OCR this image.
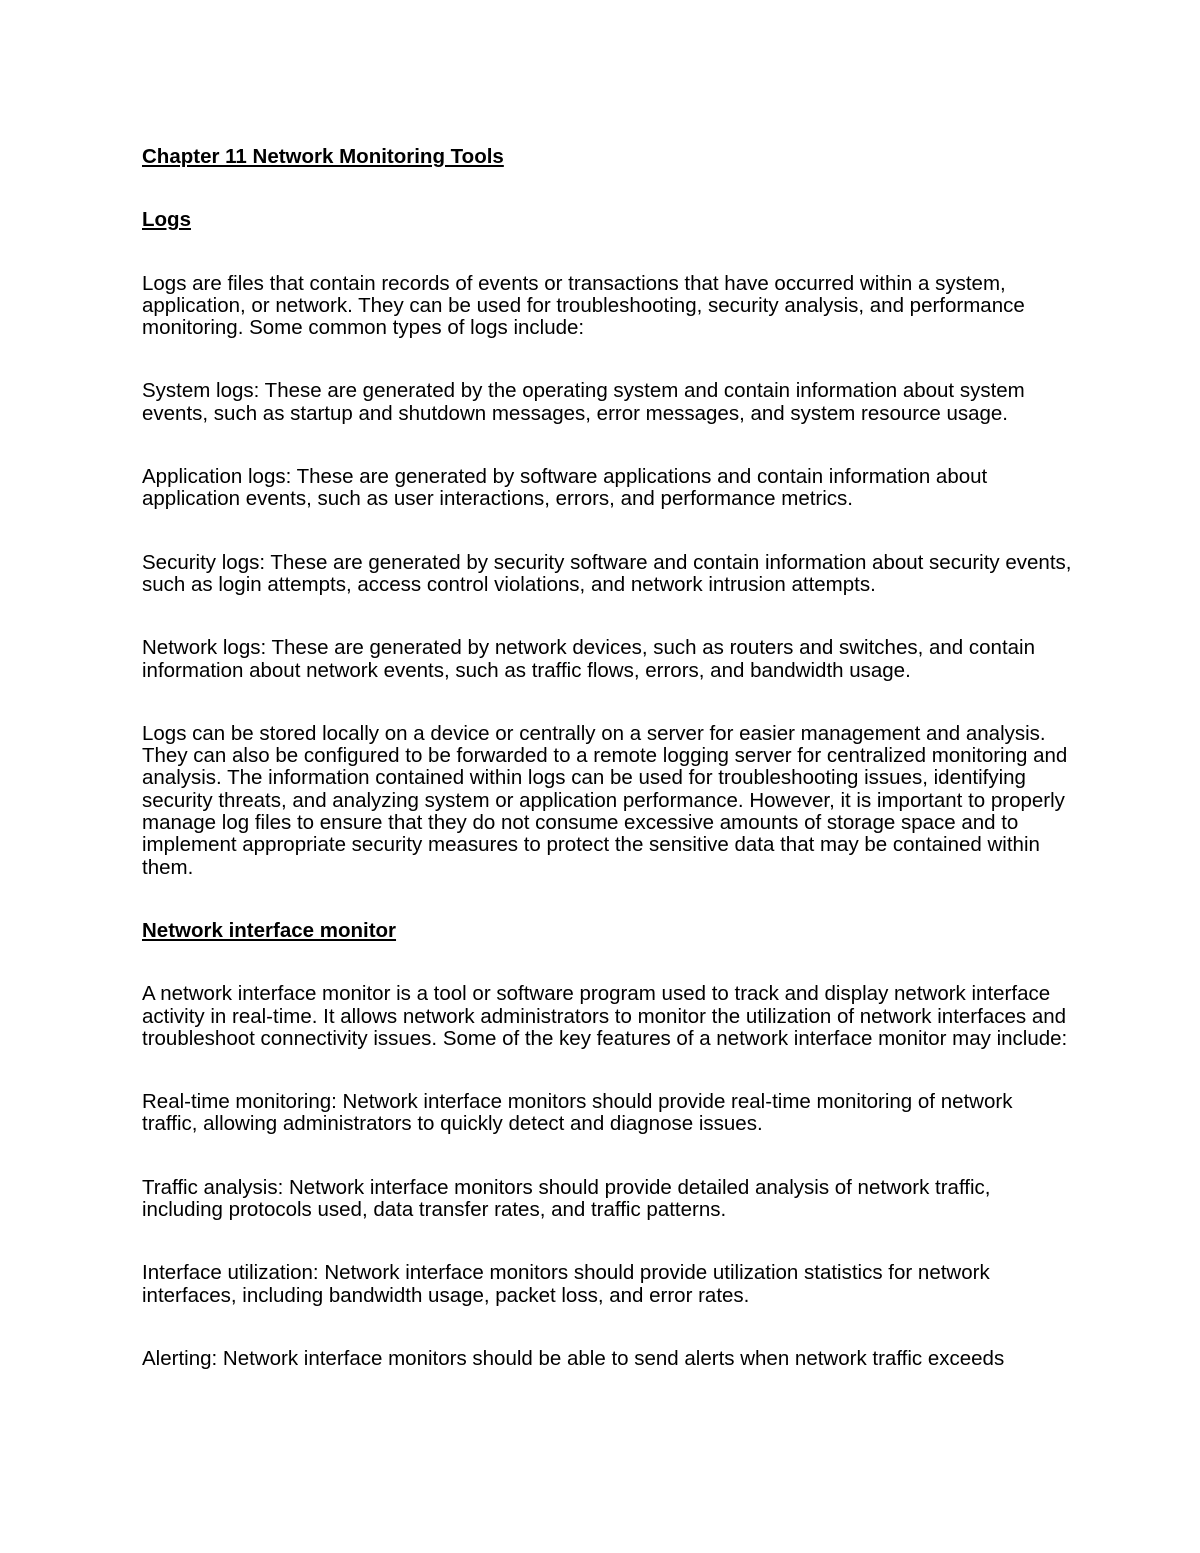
Chapter 11 Network Monitoring Tools

Logs

Logs are files that contain records of events or transactions that have occurred within a system, application, or network. They can be used for troubleshooting, security analysis, and performance monitoring. Some common types of logs include:

System logs: These are generated by the operating system and contain information about system events, such as startup and shutdown messages, error messages, and system resource usage.

Application logs: These are generated by software applications and contain information about application events, such as user interactions, errors, and performance metrics.

Security logs: These are generated by security software and contain information about security events, such as login attempts, access control violations, and network intrusion attempts.

Network logs: These are generated by network devices, such as routers and switches, and contain information about network events, such as traffic flows, errors, and bandwidth usage.

Logs can be stored locally on a device or centrally on a server for easier management and analysis. They can also be configured to be forwarded to a remote logging server for centralized monitoring and analysis. The information contained within logs can be used for troubleshooting issues, identifying security threats, and analyzing system or application performance. However, it is important to properly manage log files to ensure that they do not consume excessive amounts of storage space and to implement appropriate security measures to protect the sensitive data that may be contained within them.

Network interface monitor

A network interface monitor is a tool or software program used to track and display network interface activity in real-time. It allows network administrators to monitor the utilization of network interfaces and troubleshoot connectivity issues. Some of the key features of a network interface monitor may include:

Real-time monitoring: Network interface monitors should provide real-time monitoring of network traffic, allowing administrators to quickly detect and diagnose issues.

Traffic analysis: Network interface monitors should provide detailed analysis of network traffic, including protocols used, data transfer rates, and traffic patterns.

Interface utilization: Network interface monitors should provide utilization statistics for network interfaces, including bandwidth usage, packet loss, and error rates.

Alerting: Network interface monitors should be able to send alerts when network traffic exceeds
